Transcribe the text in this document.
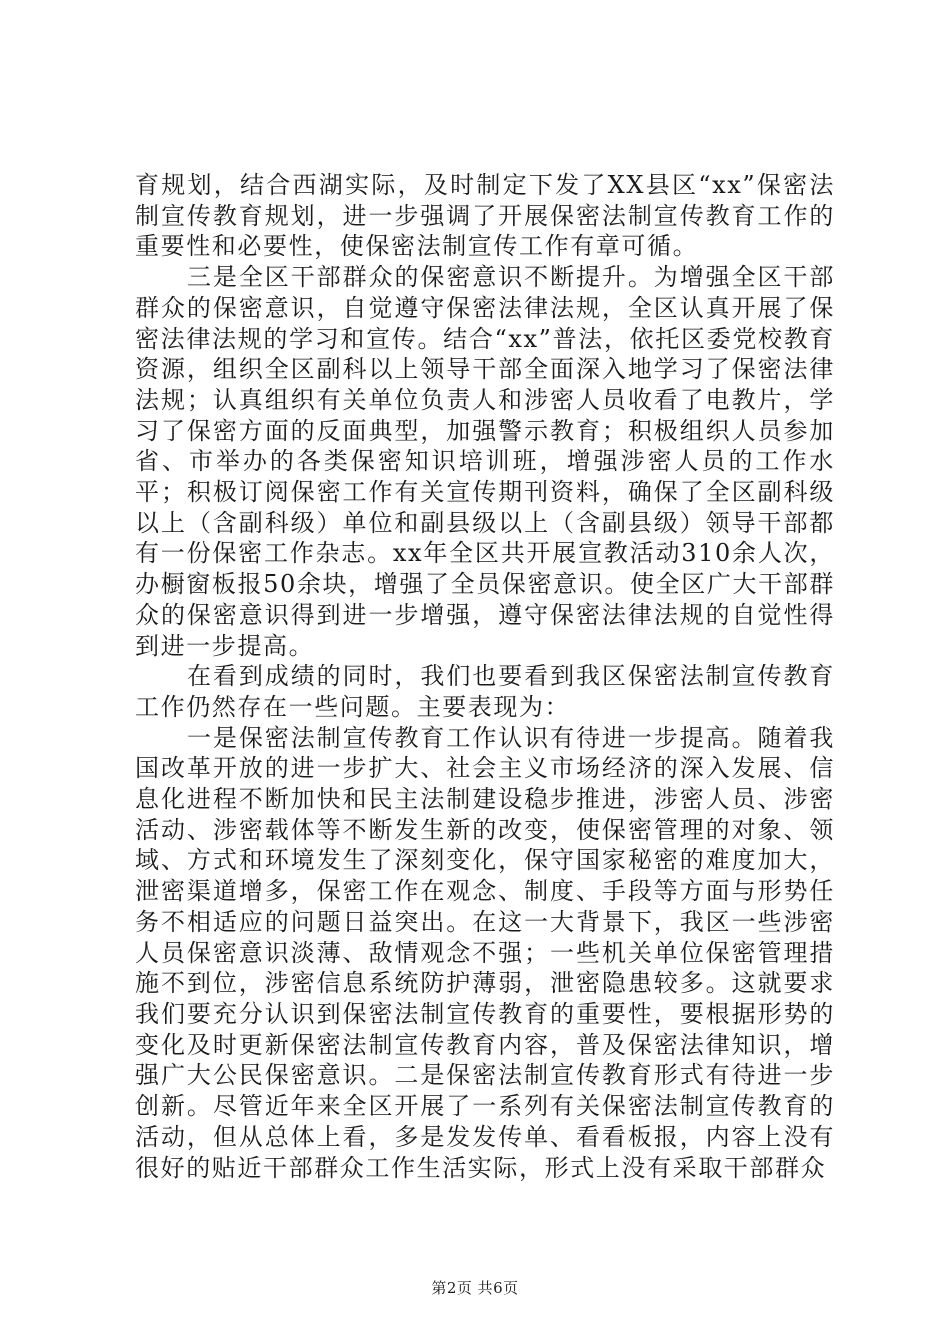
育规划，结合西湖实际，及时制定下发了XX县区“xx”保密法制宣传教育规划，进一步强调了开展保密法制宣传教育工作的重要性和必要性，使保密法制宣传工作有章可循。

三是全区干部群众的保密意识不断提升。为增强全区干部群众的保密意识，自觉遵守保密法律法规，全区认真开展了保密法律法规的学习和宣传。结合“xx”普法，依托区委党校教育资源，组织全区副科以上领导干部全面深入地学习了保密法律法规；认真组织有关单位负责人和涉密人员收看了电教片，学习了保密方面的反面典型，加强警示教育；积极组织人员参加省、市举办的各类保密知识培训班，增强涉密人员的工作水平；积极订阅保密工作有关宣传期刊资料，确保了全区副科级以上（含副科级）单位和副县级以上（含副县级）领导干部都有一份保密工作杂志。xx年全区共开展宣教活动310余人次，办橱窗板报50余块，增强了全员保密意识。使全区广大干部群众的保密意识得到进一步增强，遵守保密法律法规的自觉性得到进一步提高。

在看到成绩的同时，我们也要看到我区保密法制宣传教育工作仍然存在一些问题。主要表现为：

一是保密法制宣传教育工作认识有待进一步提高。随着我国改革开放的进一步扩大、社会主义市场经济的深入发展、信息化进程不断加快和民主法制建设稳步推进，涉密人员、涉密活动、涉密载体等不断发生新的改变，使保密管理的对象、领域、方式和环境发生了深刻变化，保守国家秘密的难度加大，泄密渠道增多，保密工作在观念、制度、手段等方面与形势任务不相适应的问题日益突出。在这一大背景下，我区一些涉密人员保密意识淡薄、敌情观念不强；一些机关单位保密管理措施不到位，涉密信息系统防护薄弱，泄密隐患较多。这就要求我们要充分认识到保密法制宣传教育的重要性，要根据形势的变化及时更新保密法制宣传教育内容，普及保密法律知识，增强广大公民保密意识。二是保密法制宣传教育形式有待进一步创新。尽管近年来全区开展了一系列有关保密法制宣传教育的活动，但从总体上看，多是发发传单、看看板报，内容上没有很好的贴近干部群众工作生活实际，形式上没有采取干部群众

第2页 共6页
